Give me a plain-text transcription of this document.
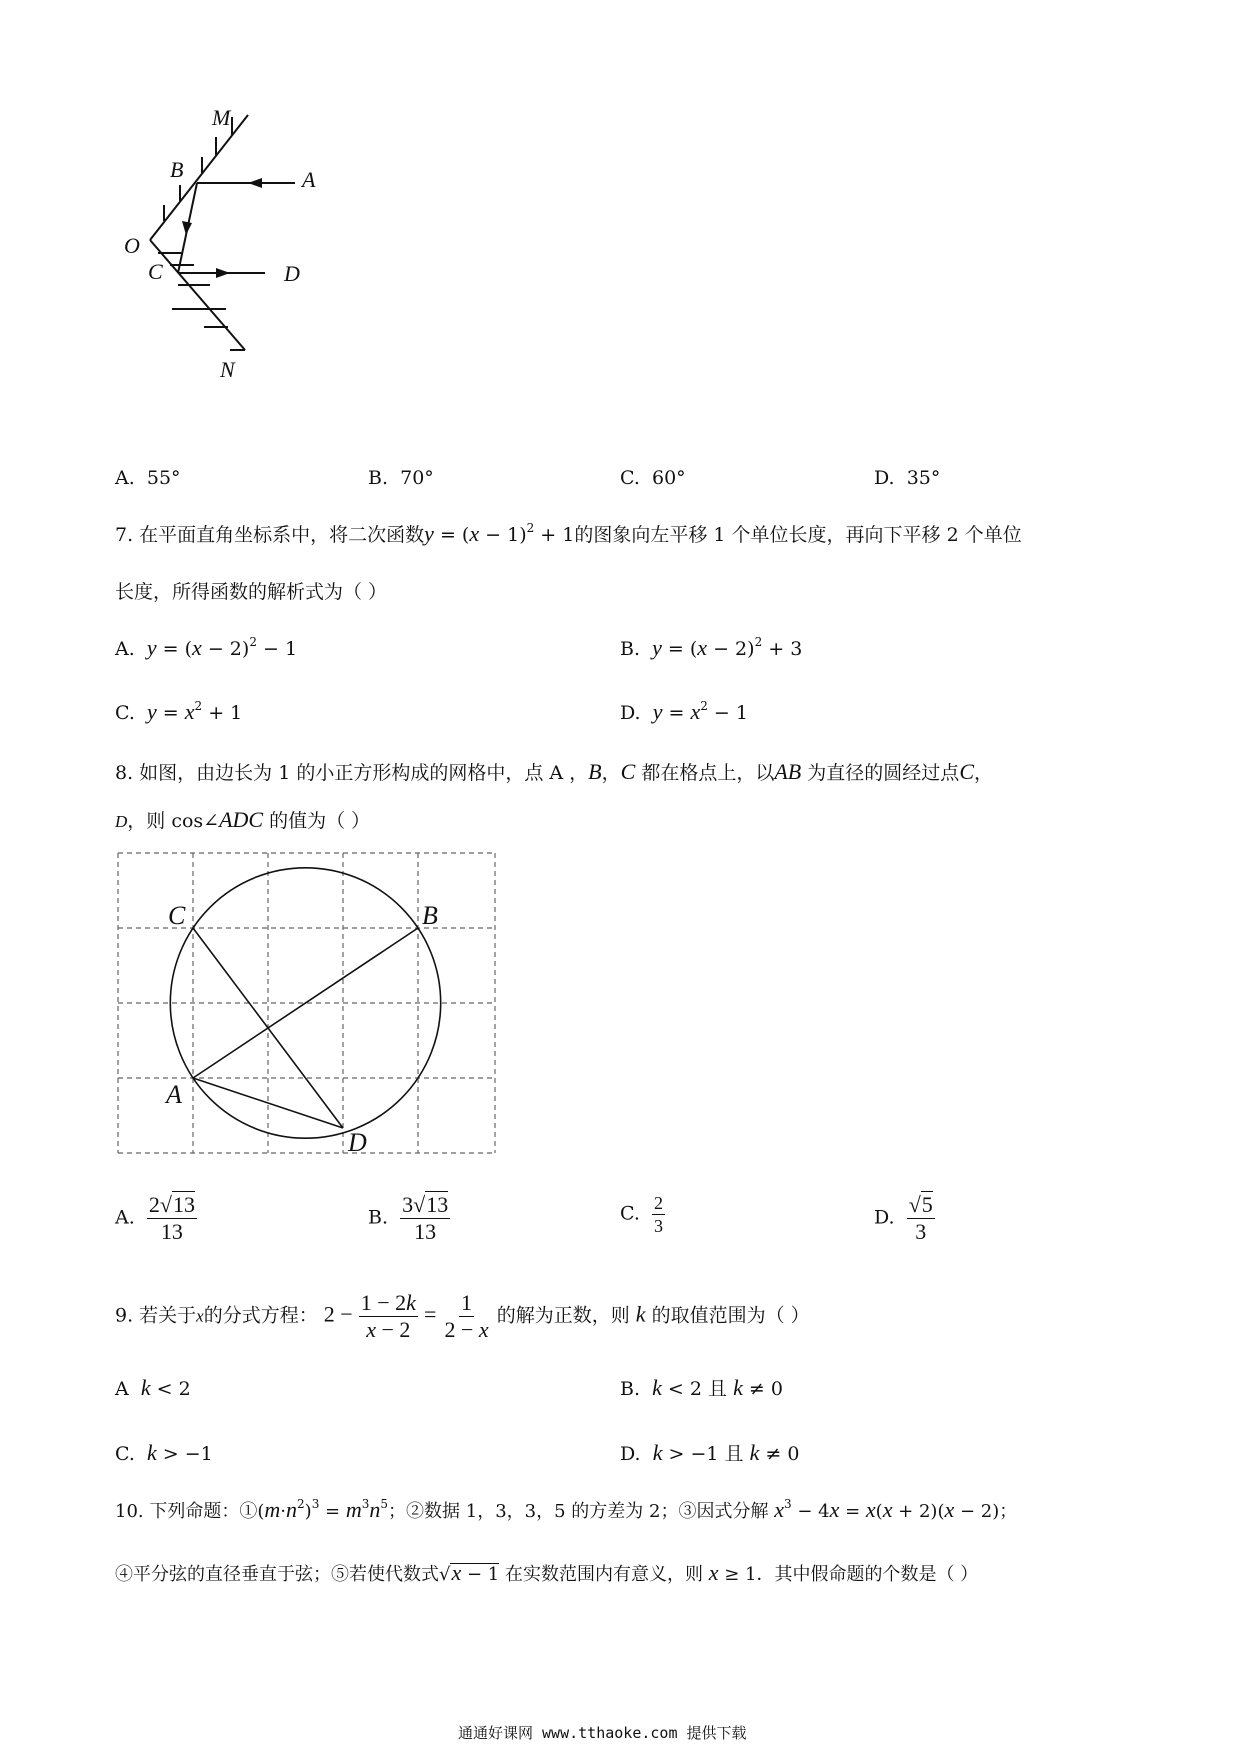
M
B	A
O
C	D
N
A. 55°	B. 70°	C. 60°	D. 35°
7. 在平面直角坐标系中，将二次函数$y = (x - 1)^2 + 1$的图象向左平移 1 个单位长度，再向下平移 2 个单位
长度，所得函数的解析式为（ ）
A. $y = (x - 2)^2 - 1$	B. $y = (x - 2)^2 + 3$
C. $y = x^2 + 1$	D. $y = x^2 - 1$
8. 如图，由边长为 1 的小正方形构成的网格中，点 A ，B，C 都在格点上，以AB 为直径的圆经过点C，
D，则 cos∠ADC 的值为（ ）
C	B
A
D
A. $\frac{2√13}{13}$	B. $\frac{3√13}{13}$	C. $\frac{2}{3}$	D. $\frac{√5}{3}$
9. 若关于x的分式方程： $2 - \frac{1 - 2k}{x - 2} = \frac{1}{2 - x}$ 的解为正数，则 k 的取值范围为（ ）
A k < 2	B. k < 2 且 k ≠ 0
C. k > −1	D. k > −1 且 k ≠ 0
10. 下列命题：$①(m\cdot n^2)^3 = m^3n^5$；②数据 1，3，3，5 的方差为 2；③因式分解 $x^3 - 4x = x(x + 2)(x - 2)$；
④平分弦的直径垂直于弦；⑤若使代数式√x − 1 在实数范围内有意义，则 x ≥ 1．其中假命题的个数是（ ）
通通好课网 www.tthaoke.com 提供下载
